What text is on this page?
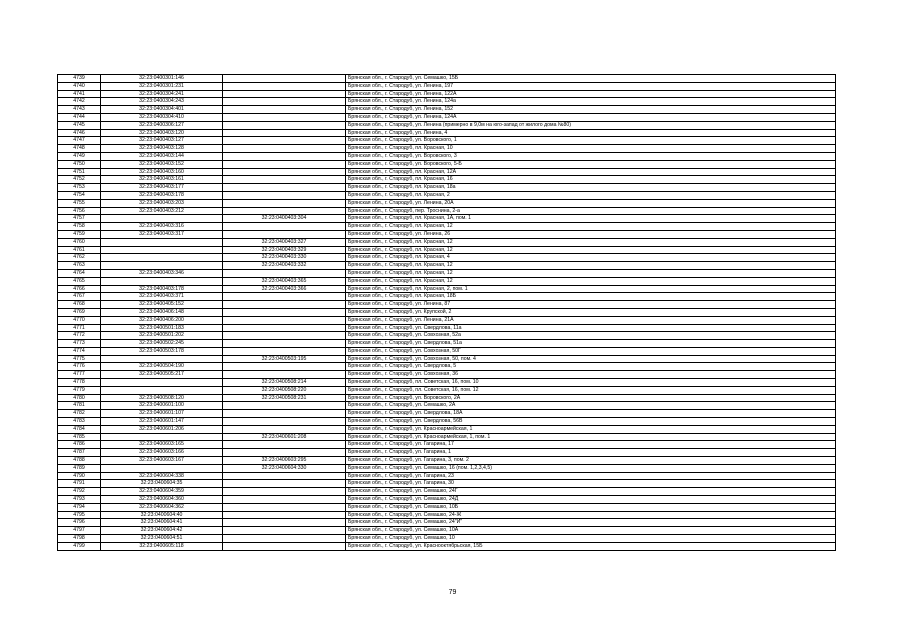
4739	32:23:0400301:146		Брянская обл., г. Стародуб, ул. Семашко, 15Б
4740	32:23:0400301:231		Брянская обл., г. Стародуб, ул. Ленина, 197
4741	32:23:0400304:241		Брянская обл., г. Стародуб, ул. Ленина, 122А
4742	32:23:0400304:243		Брянская обл., г. Стародуб, ул. Ленина, 124а
4743	32:23:0400304:401		Брянская обл., г. Стародуб, ул. Ленина, 152
4744	32:23:0400304:410		Брянская обл., г. Стародуб, ул. Ленина, 124А
4745	32:23:0400306:127		Брянская обл., г. Стародуб, ул. Ленина (примерно в 9,0м на юго-запад от жилого дома №80)
4746	32:23:0400403:120		Брянская обл., г. Стародуб, ул. Ленина, 4
4747	32:23:0400403:127		Брянская обл., г. Стародуб, ул. Воровского, 1
4748	32:23:0400403:128		Брянская обл., г. Стародуб, пл. Красная, 10
4749	32:23:0400403:144		Брянская обл., г. Стародуб, ул. Воровского, 3
4750	32:23:0400403:152		Брянская обл., г. Стародуб, ул. Воровского, 5-Б
4751	32:23:0400403:160		Брянская обл., г. Стародуб, пл. Красная, 12А
4752	32:23:0400403:161		Брянская обл., г. Стародуб, пл. Красная, 16
4753	32:23:0400403:177		Брянская обл., г. Стародуб, пл. Красная, 18а
4754	32:23:0400403:178		Брянская обл., г. Стародуб, пл. Красная, 2
4755	32:23:0400403:203		Брянская обл., г. Стародуб, ул. Ленина, 20А
4756	32:23:0400403:212		Брянская обл., г. Стародуб, пер. Троснина, 2-а
4757		32:23:0400403:304	Брянская обл., г. Стародуб, пл. Красная, 1А, пом. 1
4758	32:23:0400403:316		Брянская обл., г. Стародуб, пл. Красная, 12
4759	32:23:0400403:317		Брянская обл., г. Стародуб, ул. Ленина, 26
4760		32:23:0400403:327	Брянская обл., г. Стародуб, пл. Красная, 12
4761		32:23:0400403:329	Брянская обл., г. Стародуб, пл. Красная, 12
4762		32:23:0400403:330	Брянская обл., г. Стародуб, пл. Красная, 4
4763		32:23:0400403:332	Брянская обл., г. Стародуб, пл. Красная, 12
4764	32:23:0400403:346		Брянская обл., г. Стародуб, пл. Красная, 12
4765		32:23:0400403:365	Брянская обл., г. Стародуб, пл. Красная, 12
4766	32:23:0400403:178	32:23:0400403:366	Брянская обл., г. Стародуб, пл. Красная, 2, пом. 1
4767	32:23:0400403:371		Брянская обл., г. Стародуб, пл. Красная, 18Б
4768	32:23:0400405:152		Брянская обл., г. Стародуб, ул. Ленина, 87
4769	32:23:0400406:148		Брянская обл., г. Стародуб, ул. Крупской, 2
4770	32:23:0400406:200		Брянская обл., г. Стародуб, ул. Ленина, 21А
4771	32:23:0400501:183		Брянская обл., г. Стародуб, ул. Свердлова, 11а
4772	32:23:0400501:202		Брянская обл., г. Стародуб, ул. Совхозная, 52а
4773	32:23:0400502:245		Брянская обл., г. Стародуб, ул. Свердлова, 51а
4774	32:23:0400503:178		Брянская обл., г. Стародуб, ул. Совхозная, 50Г
4775		32:23:0400503:195	Брянская обл., г. Стародуб, ул. Совхозная, 50, пом. 4
4776	32:23:0400504:190		Брянская обл., г. Стародуб, ул. Свердлова, 5
4777	32:23:0400505:217		Брянская обл., г. Стародуб, ул. Совхозная, 36
4778		32:23:0400508:214	Брянская обл., г. Стародуб, пл. Советская, 16, пом. 10
4779		32:23:0400508:220	Брянская обл., г. Стародуб, пл. Советская, 16, пом. 12
4780	32:23:0400508:120	32:23:0400508:231	Брянская обл., г. Стародуб, ул. Воровского, 2А
4781	32:23:0400601:100		Брянская обл., г. Стародуб, ул. Семашко, 2А
4782	32:23:0400601:107		Брянская обл., г. Стародуб, ул. Свердлова, 18А
4783	32:23:0400601:147		Брянская обл., г. Стародуб, ул. Свердлова, 56В
4784	32:23:0400601:206		Брянская обл., г. Стародуб, ул. Красноармейская, 1
4785		32:23:0400601:208	Брянская обл., г. Стародуб, ул. Красноармейская, 1, пом. 1
4786	32:23:0400603:165		Брянская обл., г. Стародуб, ул. Гагарина, 17
4787	32:23:0400603:166		Брянская обл., г. Стародуб, ул. Гагарина, 1
4788	32:23:0400603:167	32:23:0400603:295	Брянская обл., г. Стародуб, ул. Гагарина, 3, пом. 2
4789		32:23:0400604:330	Брянская обл., г. Стародуб, ул. Семашко, 16 (пом. 1,2,3,4,5)
4790	32:23:0400604:338		Брянская обл., г. Стародуб, ул. Гагарина, 23
4791	32:23:0400604:35		Брянская обл., г. Стародуб, ул. Гагарина, 30
4792	32:23:0400604:359		Брянская обл., г. Стародуб, ул. Семашко, 24Г
4793	32:23:0400604:360		Брянская обл., г. Стародуб, ул. Семашко, 24Д
4794	32:23:0400604:362		Брянская обл., г. Стародуб, ул. Семашко, 10Б
4795	32:23:0400604:40		Брянская обл., г. Стародуб, ул. Семашко, 24-Ж
4796	32:23:0400604:41		Брянская обл., г. Стародуб, ул. Семашко, 24"И"
4797	32:23:0400604:42		Брянская обл., г. Стародуб, ул. Семашко, 10А
4798	32:23:0400604:51		Брянская обл., г. Стародуб, ул. Семашко, 10
4799	32:23:0400605:118		Брянская обл., г. Стародуб, ул. Краснооктябрьская, 15Б
79
